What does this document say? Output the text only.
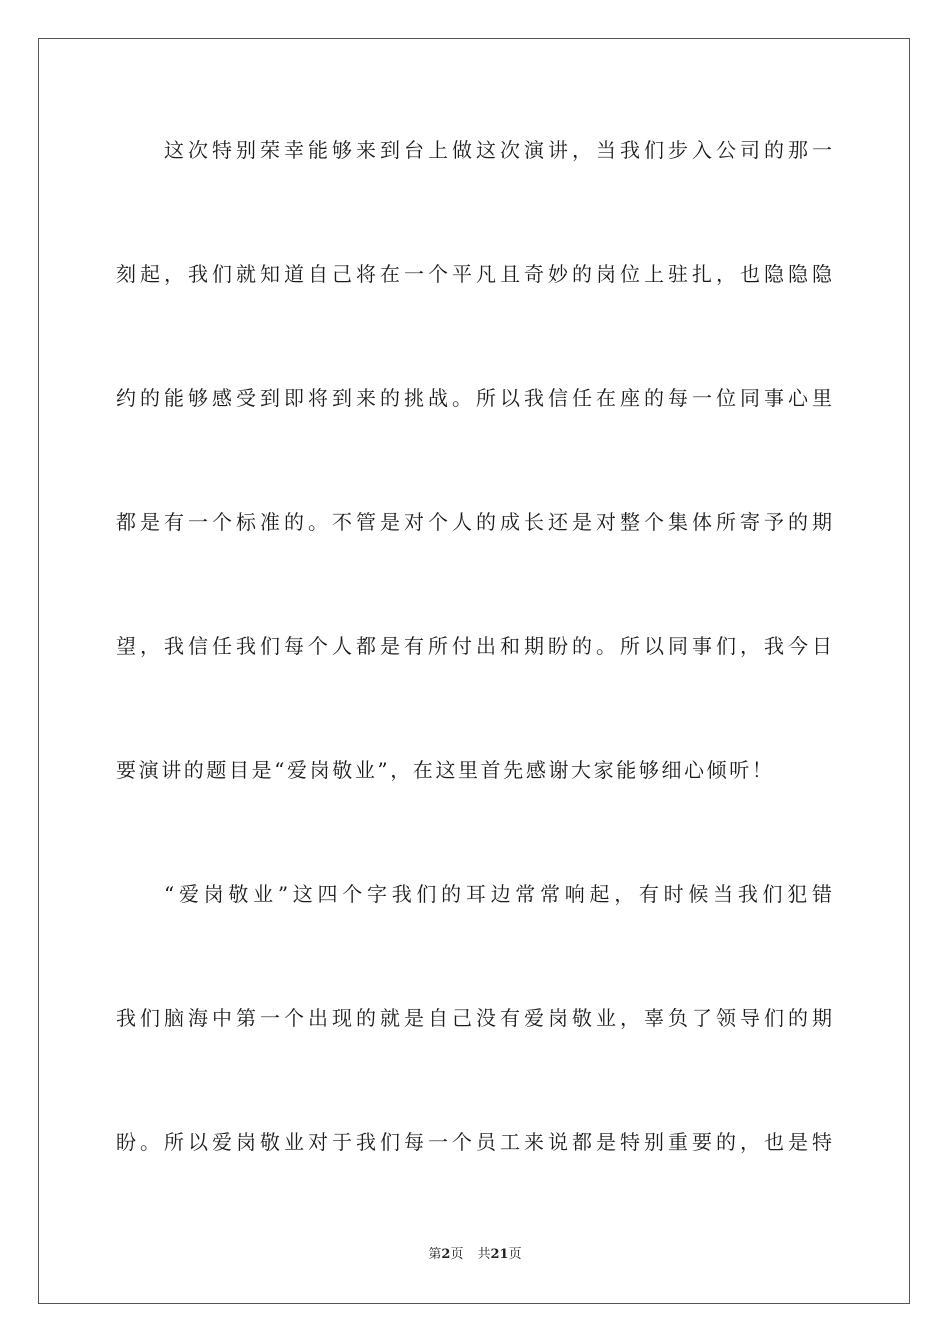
这次特别荣幸能够来到台上做这次演讲，当我们步入公司的那一
刻起，我们就知道自己将在一个平凡且奇妙的岗位上驻扎，也隐隐隐
约的能够感受到即将到来的挑战。所以我信任在座的每一位同事心里
都是有一个标准的。不管是对个人的成长还是对整个集体所寄予的期
望，我信任我们每个人都是有所付出和期盼的。所以同事们，我今日
要演讲的题目是“爱岗敬业”，在这里首先感谢大家能够细心倾听！
“爱岗敬业”这四个字我们的耳边常常响起，有时候当我们犯错
我们脑海中第一个出现的就是自己没有爱岗敬业，辜负了领导们的期
盼。所以爱岗敬业对于我们每一个员工来说都是特别重要的，也是特
第2页 共21页
